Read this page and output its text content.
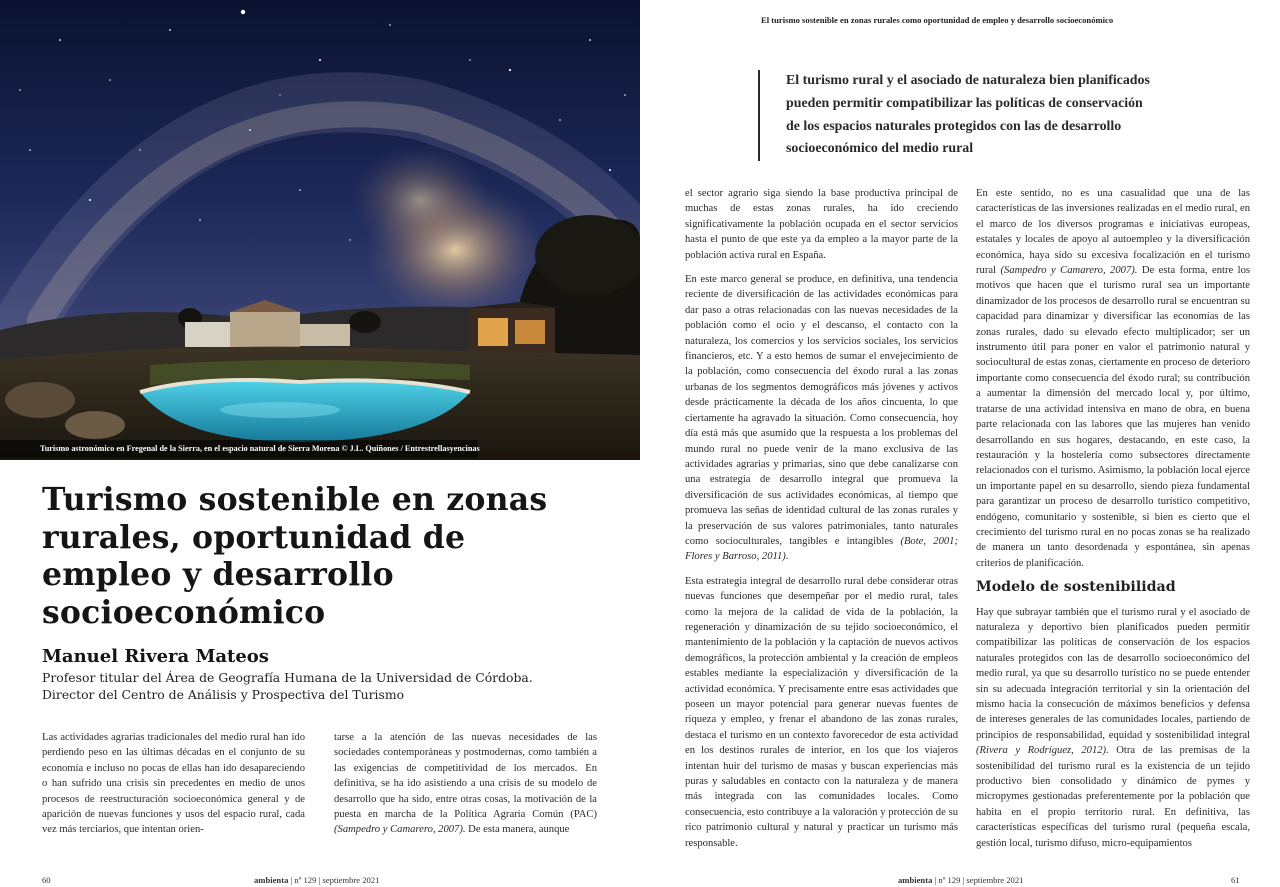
Turismo astronómico en Fregenal de la Sierra, en el espacio natural de Sierra Morena © J.L. Quiñones / Entrestrellasyencinas
Turismo sostenible en zonas rurales, oportunidad de empleo y desarrollo socioeconómico
Manuel Rivera Mateos
Profesor titular del Área de Geografía Humana de la Universidad de Córdoba.
Director del Centro de Análisis y Prospectiva del Turismo

Las actividades agrarias tradicionales del medio rural han ido perdiendo peso en las últimas décadas en el conjunto de su economía e incluso no pocas de ellas han ido desapareciendo o han sufrido una crisis sin precedentes en medio de unos procesos de reestructuración socioeconómica general y de aparición de nuevas funciones y usos del espacio rural, cada vez más terciarios, que intentan orien-

tarse a la atención de las nuevas necesidades de las sociedades contemporáneas y postmodernas, como también a las exigencias de competitividad de los mercados. En definitiva, se ha ido asistiendo a una crisis de su modelo de desarrollo que ha sido, entre otras cosas, la motivación de la puesta en marcha de la Política Agraria Común (PAC) (Sampedro y Camarero, 2007). De esta manera, aunque

60	ambienta | nº 129 | septiembre 2021
El turismo sostenible en zonas rurales como oportunidad de empleo y desarrollo socioeconómico
El turismo rural y el asociado de naturaleza bien planificados pueden permitir compatibilizar las políticas de conservación de los espacios naturales protegidos con las de desarrollo socioeconómico del medio rural

el sector agrario siga siendo la base productiva principal de muchas de estas zonas rurales, ha ido creciendo significativamente la población ocupada en el sector servicios hasta el punto de que este ya da empleo a la mayor parte de la población activa rural en España.

En este marco general se produce, en definitiva, una tendencia reciente de diversificación de las actividades económicas para dar paso a otras relacionadas con las nuevas necesidades de la población como el ocio y el descanso, el contacto con la naturaleza, los comercios y los servicios sociales, los servicios financieros, etc. Y a esto hemos de sumar el envejecimiento de la población, como consecuencia del éxodo rural a las zonas urbanas de los segmentos demográficos más jóvenes y activos desde prácticamente la década de los años cincuenta, lo que ciertamente ha agravado la situación. Como consecuencia, hoy día está más que asumido que la respuesta a los problemas del mundo rural no puede venir de la mano exclusiva de las actividades agrarias y primarias, sino que debe canalizarse con una estrategia de desarrollo integral que promueva la diversificación de sus actividades económicas, al tiempo que promueva las señas de identidad cultural de las zonas rurales y la preservación de sus valores patrimoniales, tanto naturales como socioculturales, tangibles e intangibles (Bote, 2001; Flores y Barroso, 2011).

Esta estrategia integral de desarrollo rural debe considerar otras nuevas funciones que desempeñar por el medio rural, tales como la mejora de la calidad de vida de la población, la regeneración y dinamización de su tejido socioeconómico, el mantenimiento de la población y la captación de nuevos activos demográficos, la protección ambiental y la creación de empleos estables mediante la especialización y diversificación de la actividad económica. Y precisamente entre esas actividades que poseen un mayor potencial para generar nuevas fuentes de riqueza y empleo, y frenar el abandono de las zonas rurales, destaca el turismo en un contexto favorecedor de esta actividad en los destinos rurales de interior, en los que los viajeros intentan huir del turismo de masas y buscan experiencias más puras y saludables en contacto con la naturaleza y de manera más integrada con las comunidades locales. Como consecuencia, esto contribuye a la valoración y protección de su rico patrimonio cultural y natural y practicar un turismo más responsable.

En este sentido, no es una casualidad que una de las características de las inversiones realizadas en el medio rural, en el marco de los diversos programas e iniciativas europeas, estatales y locales de apoyo al autoempleo y la diversificación económica, haya sido su excesiva focalización en el turismo rural (Sampedro y Camarero, 2007). De esta forma, entre los motivos que hacen que el turismo rural sea un importante dinamizador de los procesos de desarrollo rural se encuentran su capacidad para dinamizar y diversificar las economías de las zonas rurales, dado su elevado efecto multiplicador; ser un instrumento útil para poner en valor el patrimonio natural y sociocultural de estas zonas, ciertamente en proceso de deterioro importante como consecuencia del éxodo rural; su contribución a aumentar la dimensión del mercado local y, por último, tratarse de una actividad intensiva en mano de obra, en buena parte relacionada con las labores que las mujeres han venido desarrollando en sus hogares, destacando, en este caso, la restauración y la hostelería como subsectores directamente relacionados con el turismo. Asimismo, la población local ejerce un importante papel en su desarrollo, siendo pieza fundamental para garantizar un proceso de desarrollo turístico competitivo, endógeno, comunitario y sostenible, si bien es cierto que el crecimiento del turismo rural en no pocas zonas se ha realizado de manera un tanto desordenada y espontánea, sin apenas criterios de planificación.

Modelo de sostenibilidad

Hay que subrayar también que el turismo rural y el asociado de naturaleza y deportivo bien planificados pueden permitir compatibilizar las políticas de conservación de los espacios naturales protegidos con las de desarrollo socioeconómico del medio rural, ya que su desarrollo turístico no se puede entender sin su adecuada integración territorial y sin la orientación del mismo hacia la consecución de máximos beneficios y defensa de intereses generales de las comunidades locales, partiendo de principios de responsabilidad, equidad y sostenibilidad integral (Rivera y Rodríguez, 2012). Otra de las premisas de la sostenibilidad del turismo rural es la existencia de un tejido productivo bien consolidado y dinámico de pymes y micropymes gestionadas preferentemente por la población que habita en el propio territorio rural. En definitiva, las características específicas del turismo rural (pequeña escala, gestión local, turismo difuso, micro-equipamientos

ambienta | nº 129 | septiembre 2021	61
